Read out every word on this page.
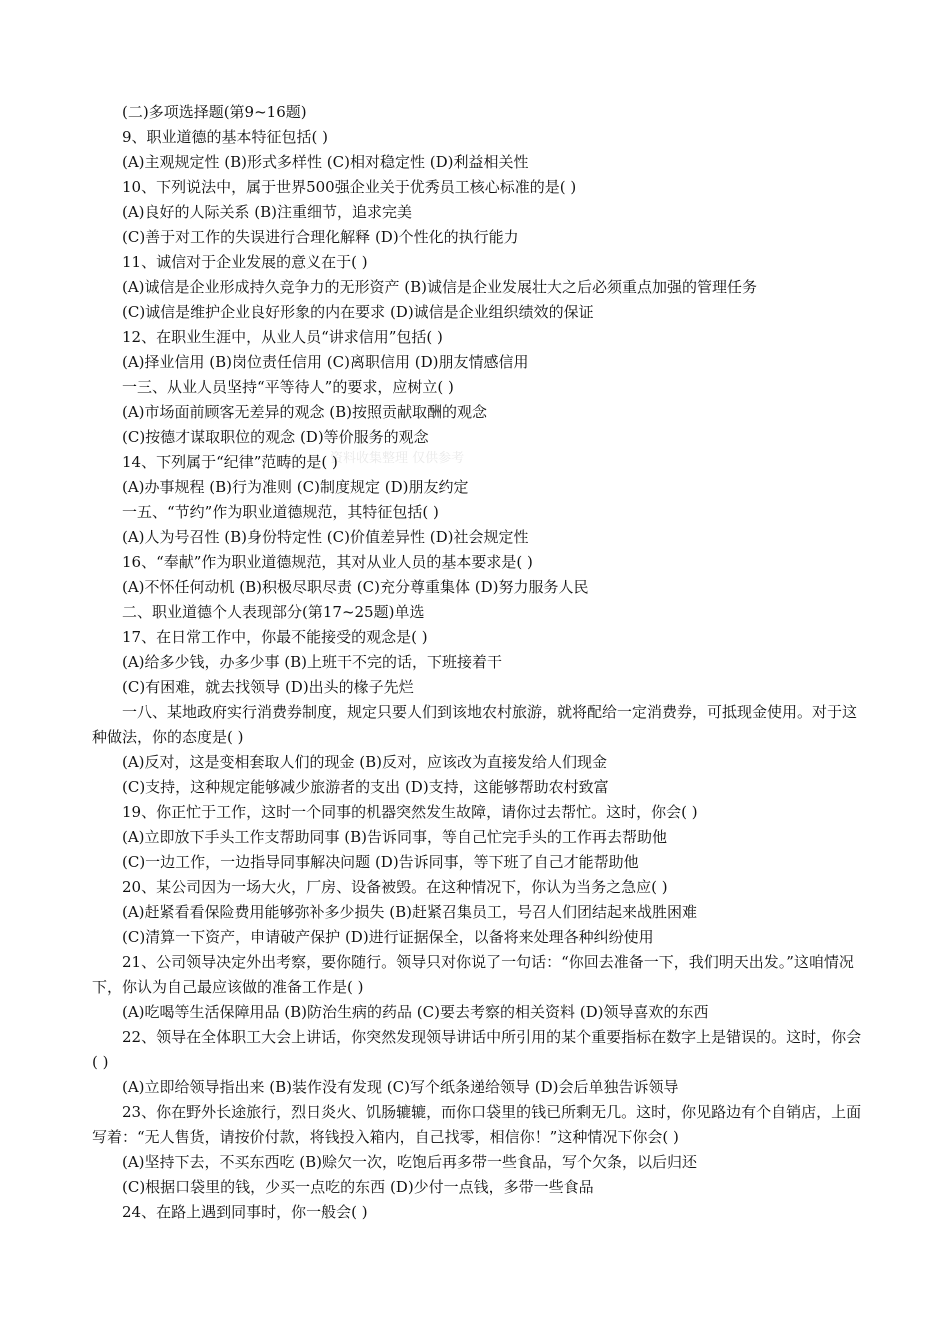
资料收集整理 仅供参考
(二)多项选择题(第9~16题)
9、职业道德的基本特征包括( )
(A)主观规定性 (B)形式多样性 (C)相对稳定性 (D)利益相关性
10、下列说法中，属于世界500强企业关于优秀员工核心标准的是( )
(A)良好的人际关系 (B)注重细节，追求完美
(C)善于对工作的失误进行合理化解释 (D)个性化的执行能力
11、诚信对于企业发展的意义在于( )
(A)诚信是企业形成持久竞争力的无形资产 (B)诚信是企业发展壮大之后必须重点加强的管理任务
(C)诚信是维护企业良好形象的内在要求 (D)诚信是企业组织绩效的保证
12、在职业生涯中，从业人员“讲求信用”包括( )
(A)择业信用 (B)岗位责任信用 (C)离职信用 (D)朋友情感信用
一三、从业人员坚持“平等待人”的要求，应树立( )
(A)市场面前顾客无差异的观念 (B)按照贡献取酬的观念
(C)按德才谋取职位的观念 (D)等价服务的观念
14、下列属于“纪律”范畴的是( )
(A)办事规程 (B)行为准则 (C)制度规定 (D)朋友约定
一五、“节约”作为职业道德规范，其特征包括( )
(A)人为号召性 (B)身份特定性 (C)价值差异性 (D)社会规定性
16、“奉献”作为职业道德规范，其对从业人员的基本要求是( )
(A)不怀任何动机 (B)积极尽职尽责 (C)充分尊重集体 (D)努力服务人民
二、职业道德个人表现部分(第17~25题)单选
17、在日常工作中，你最不能接受的观念是( )
(A)给多少钱，办多少事 (B)上班干不完的话，下班接着干
(C)有困难，就去找领导 (D)出头的椽子先烂
一八、某地政府实行消费券制度，规定只要人们到该地农村旅游，就将配给一定消费券，可抵现金使用。对于这种做法，你的态度是( )
(A)反对，这是变相套取人们的现金 (B)反对，应该改为直接发给人们现金
(C)支持，这种规定能够减少旅游者的支出 (D)支持，这能够帮助农村致富
19、你正忙于工作，这时一个同事的机器突然发生故障，请你过去帮忙。这时，你会( )
(A)立即放下手头工作支帮助同事 (B)告诉同事，等自己忙完手头的工作再去帮助他
(C)一边工作，一边指导同事解决问题 (D)告诉同事，等下班了自己才能帮助他
20、某公司因为一场大火，厂房、设备被毁。在这种情况下，你认为当务之急应( )
(A)赶紧看看保险费用能够弥补多少损失 (B)赶紧召集员工，号召人们团结起来战胜困难
(C)清算一下资产，申请破产保护 (D)进行证据保全，以备将来处理各种纠纷使用
21、公司领导决定外出考察，要你随行。领导只对你说了一句话：“你回去准备一下，我们明天出发。”这咱情况下，你认为自己最应该做的准备工作是( )
(A)吃喝等生活保障用品 (B)防治生病的药品 (C)要去考察的相关资料 (D)领导喜欢的东西
22、领导在全体职工大会上讲话，你突然发现领导讲话中所引用的某个重要指标在数字上是错误的。这时，你会( )
(A)立即给领导指出来 (B)装作没有发现 (C)写个纸条递给领导 (D)会后单独告诉领导
23、你在野外长途旅行，烈日炎火、饥肠辘辘，而你口袋里的钱已所剩无几。这时，你见路边有个自销店，上面写着：“无人售货，请按价付款，将钱投入箱内，自己找零，相信你！”这种情况下你会( )
(A)坚持下去，不买东西吃 (B)赊欠一次，吃饱后再多带一些食品，写个欠条，以后归还
(C)根据口袋里的钱，少买一点吃的东西 (D)少付一点钱，多带一些食品
24、在路上遇到同事时，你一般会( )
